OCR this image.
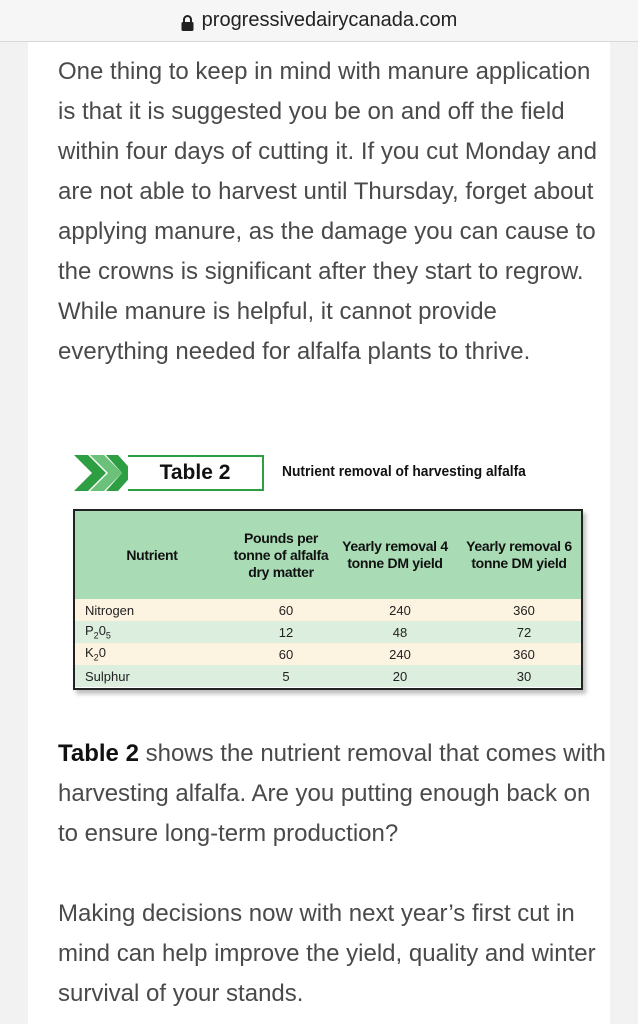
progressivedairycanada.com

One thing to keep in mind with manure application is that it is suggested you be on and off the field within four days of cutting it. If you cut Monday and are not able to harvest until Thursday, forget about applying manure, as the damage you can cause to the crowns is significant after they start to regrow. While manure is helpful, it cannot provide everything needed for alfalfa plants to thrive.

Table 2	Nutrient removal of harvesting alfalfa
Nutrient	Pounds per tonne of alfalfa dry matter	Yearly removal 4 tonne DM yield	Yearly removal 6 tonne DM yield
Nitrogen	60	240	360
$P_20_5$	12	48	72
$K_20$	60	240	360
Sulphur	5	20	30

Table 2 shows the nutrient removal that comes with harvesting alfalfa. Are you putting enough back on to ensure long-term production?

Making decisions now with next year’s first cut in mind can help improve the yield, quality and winter survival of your stands.
